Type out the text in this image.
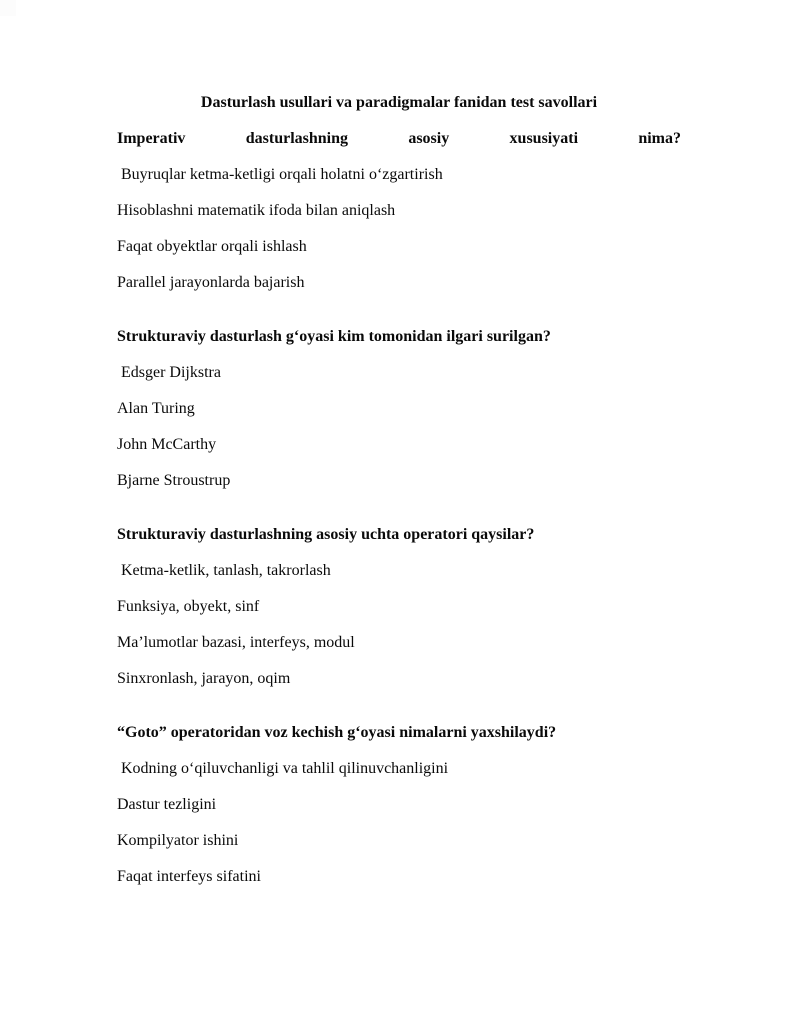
Dasturlash usullari va paradigmalar fanidan test savollari

Imperativ dasturlashning asosiy xususiyati nima?

Buyruqlar ketma-ketligi orqali holatni o‘zgartirish

Hisoblashni matematik ifoda bilan aniqlash

Faqat obyektlar orqali ishlash

Parallel jarayonlarda bajarish

Strukturaviy dasturlash g‘oyasi kim tomonidan ilgari surilgan?

Edsger Dijkstra

Alan Turing

John McCarthy

Bjarne Stroustrup

Strukturaviy dasturlashning asosiy uchta operatori qaysilar?

Ketma-ketlik, tanlash, takrorlash

Funksiya, obyekt, sinf

Ma’lumotlar bazasi, interfeys, modul

Sinxronlash, jarayon, oqim

“Goto” operatoridan voz kechish g‘oyasi nimalarni yaxshilaydi?

Kodning o‘qiluvchanligi va tahlil qilinuvchanligini

Dastur tezligini

Kompilyator ishini

Faqat interfeys sifatini
